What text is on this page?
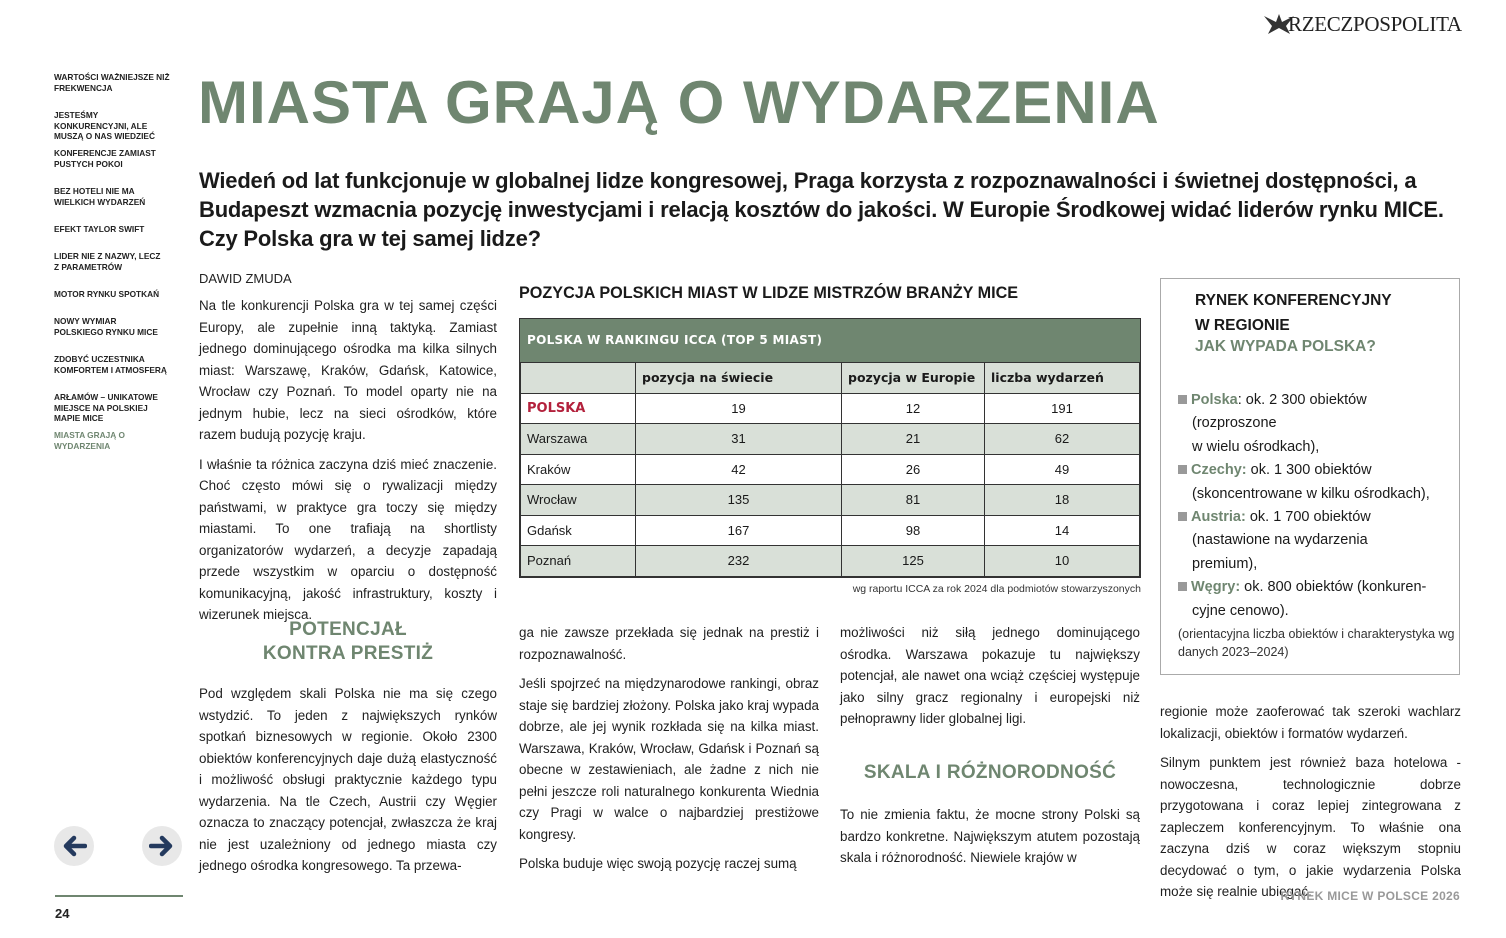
RZECZPOSPOLITA
WARTOŚCI WAŻNIEJSZE NIŻ FREKWENCJA
JESTEŚMY KONKURENCYJNI, ALE MUSZĄ O NAS WIEDZIEĆ
KONFERENCJE ZAMIAST PUSTYCH POKOI
BEZ HOTELI NIE MA WIELKICH WYDARZEŃ
EFEKT TAYLOR SWIFT
LIDER NIE Z NAZWY, LECZ Z PARAMETRÓW
MOTOR RYNKU SPOTKAŃ
NOWY WYMIAR POLSKIEGO RYNKU MICE
ZDOBYĆ UCZESTNIKA KOMFORTEM I ATMOSFERĄ
ARŁAMÓW – UNIKATOWE MIEJSCE NA POLSKIEJ MAPIE MICE
MIASTA GRAJĄ O WYDARZENIA
MIASTA GRAJĄ O WYDARZENIA
Wiedeń od lat funkcjonuje w globalnej lidze kongresowej, Praga korzysta z rozpoznawalności i świetnej dostępności, a Budapeszt wzmacnia pozycję inwestycjami i relacją kosztów do jakości. W Europie Środkowej widać liderów rynku MICE. Czy Polska gra w tej samej lidze?
DAWID ZMUDA

Na tle konkurencji Polska gra w tej samej części Europy, ale zupełnie inną taktyką. Zamiast jednego dominującego ośrodka ma kilka silnych miast: Warszawę, Kraków, Gdańsk, Katowice, Wrocław czy Poznań. To model oparty nie na jednym hubie, lecz na sieci ośrodków, które razem budują pozycję kraju.

I właśnie ta różnica zaczyna dziś mieć znaczenie. Choć często mówi się o rywalizacji między państwami, w praktyce gra toczy się między miastami. To one trafiają na shortlisty organizatorów wydarzeń, a decyzje zapadają przede wszystkim w oparciu o dostępność komunikacyjną, jakość infrastruktury, koszty i wizerunek miejsca.

POTENCJAŁ
KONTRA PRESTIŻ

Pod względem skali Polska nie ma się czego wstydzić. To jeden z największych rynków spotkań biznesowych w regionie. Około 2300 obiektów konferencyjnych daje dużą elastyczność i możliwość obsługi praktycznie każdego typu wydarzenia. Na tle Czech, Austrii czy Węgier oznacza to znaczący potencjał, zwłaszcza że kraj nie jest uzależniony od jednego miasta czy jednego ośrodka kongresowego. Ta przewa-

POZYCJA POLSKICH MIAST W LIDZE MISTRZÓW BRANŻY MICE
POLSKA W RANKINGU ICCA (TOP 5 MIAST)
	pozycja na świecie	pozycja w Europie	liczba wydarzeń
POLSKA	19	12	191
Warszawa	31	21	62
Kraków	42	26	49
Wrocław	135	81	18
Gdańsk	167	98	14
Poznań	232	125	10
wg raportu ICCA za rok 2024 dla podmiotów stowarzyszonych

ga nie zawsze przekłada się jednak na prestiż i rozpoznawalność.

Jeśli spojrzeć na międzynarodowe rankingi, obraz staje się bardziej złożony. Polska jako kraj wypada dobrze, ale jej wynik rozkłada się na kilka miast. Warszawa, Kraków, Wrocław, Gdańsk i Poznań są obecne w zestawieniach, ale żadne z nich nie pełni jeszcze roli naturalnego konkurenta Wiednia czy Pragi w walce o najbardziej prestiżowe kongresy.

Polska buduje więc swoją pozycję raczej sumą

możliwości niż siłą jednego dominującego ośrodka. Warszawa pokazuje tu największy potencjał, ale nawet ona wciąż częściej występuje jako silny gracz regionalny i europejski niż pełnoprawny lider globalnej ligi.

SKALA I RÓŻNORODNOŚĆ

To nie zmienia faktu, że mocne strony Polski są bardzo konkretne. Największym atutem pozostają skala i różnorodność. Niewiele krajów w

regionie może zaoferować tak szeroki wachlarz lokalizacji, obiektów i formatów wydarzeń.

Silnym punktem jest również baza hotelowa - nowoczesna, technologicznie dobrze przygotowana i coraz lepiej zintegrowana z zapleczem konferencyjnym. To właśnie ona zaczyna dziś w coraz większym stopniu decydować o tym, o jakie wydarzenia Polska może się realnie ubiegać.

RYNEK KONFERENCYJNY
W REGIONIE
JAK WYPADA POLSKA?
Polska: ok. 2 300 obiektów
(rozproszone
w wielu ośrodkach),
Czechy: ok. 1 300 obiektów
(skoncentrowane w kilku ośrodkach),
Austria: ok. 1 700 obiektów
(nastawione na wydarzenia
premium),
Węgry: ok. 800 obiektów (konkuren-
cyjne cenowo).
(orientacyjna liczba obiektów i charakterystyka wg danych 2023–2024)
24
RYNEK MICE W POLSCE 2026
